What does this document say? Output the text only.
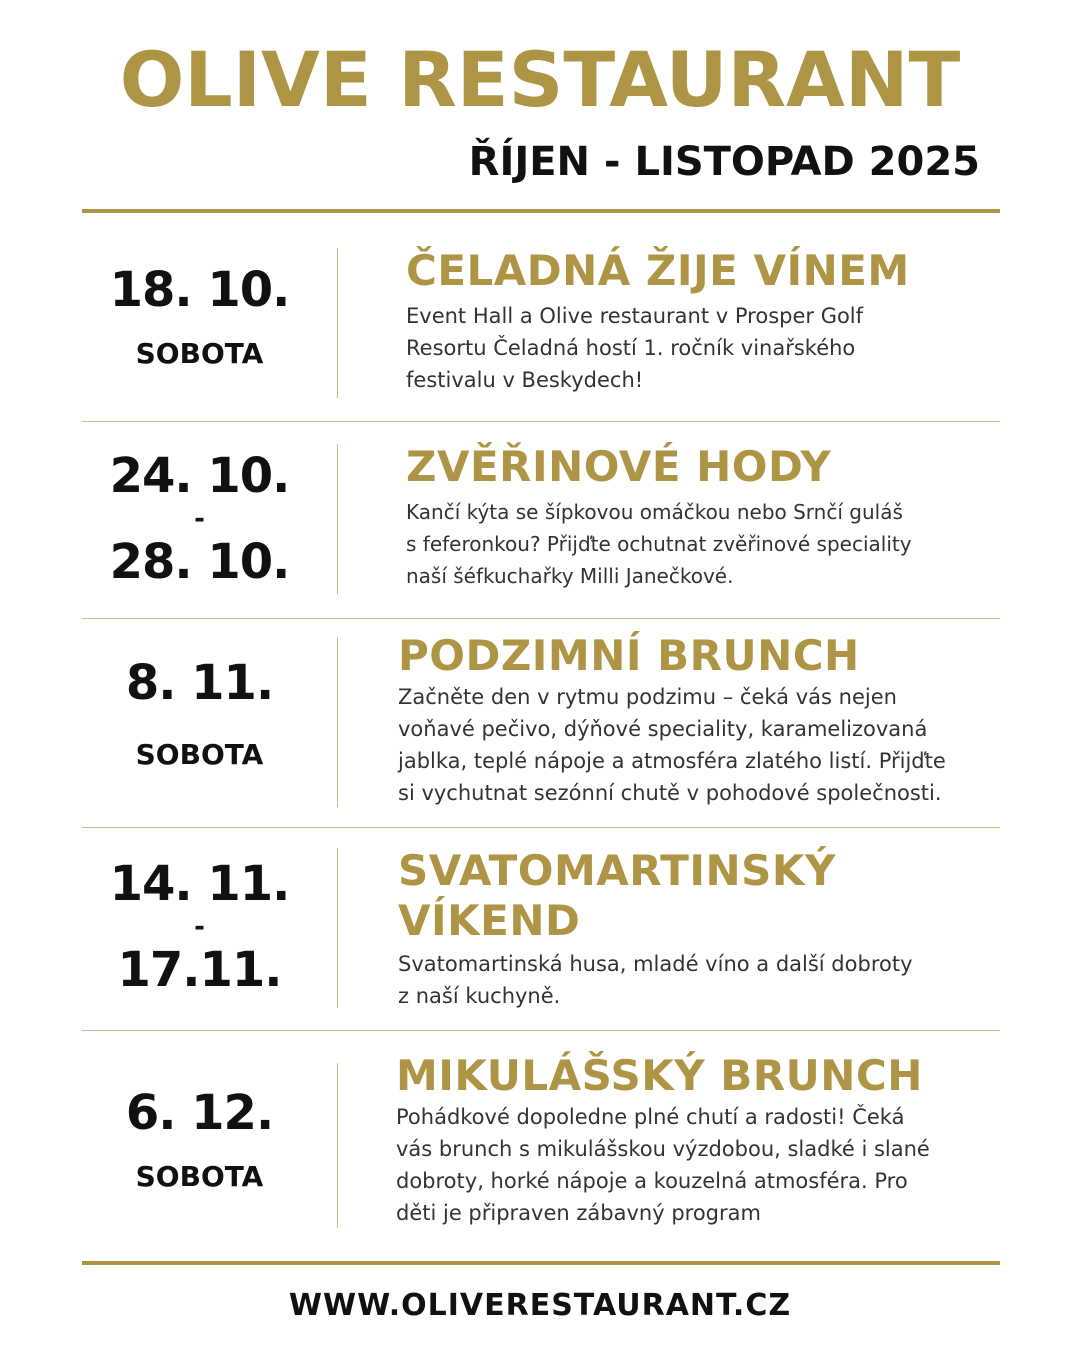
OLIVE RESTAURANT
ŘÍJEN - LISTOPAD 2025
18. 10.
SOBOTA
ČELADNÁ ŽIJE VÍNEM

Event Hall a Olive restaurant v Prosper Golf
Resortu Čeladná hostí 1. ročník vinařského
festivalu v Beskydech!

24. 10.
-
28. 10.
ZVĚŘINOVÉ HODY

Kančí kýta se šípkovou omáčkou nebo Srnčí guláš
s feferonkou? Přijďte ochutnat zvěřinové speciality
naší šéfkuchařky Milli Janečkové.

8. 11.
SOBOTA
PODZIMNÍ BRUNCH

Začněte den v rytmu podzimu – čeká vás nejen
voňavé pečivo, dýňové speciality, karamelizovaná
jablka, teplé nápoje a atmosféra zlatého listí. Přijďte
si vychutnat sezónní chutě v pohodové společnosti.

14. 11.
-
17.11.
SVATOMARTINSKÝ
VÍKEND

Svatomartinská husa, mladé víno a další dobroty
z naší kuchyně.

6. 12.
SOBOTA
MIKULÁŠSKÝ BRUNCH

Pohádkové dopoledne plné chutí a radosti! Čeká
vás brunch s mikulášskou výzdobou, sladké i slané
dobroty, horké nápoje a kouzelná atmosféra. Pro
děti je připraven zábavný program

WWW.OLIVERESTAURANT.CZ
